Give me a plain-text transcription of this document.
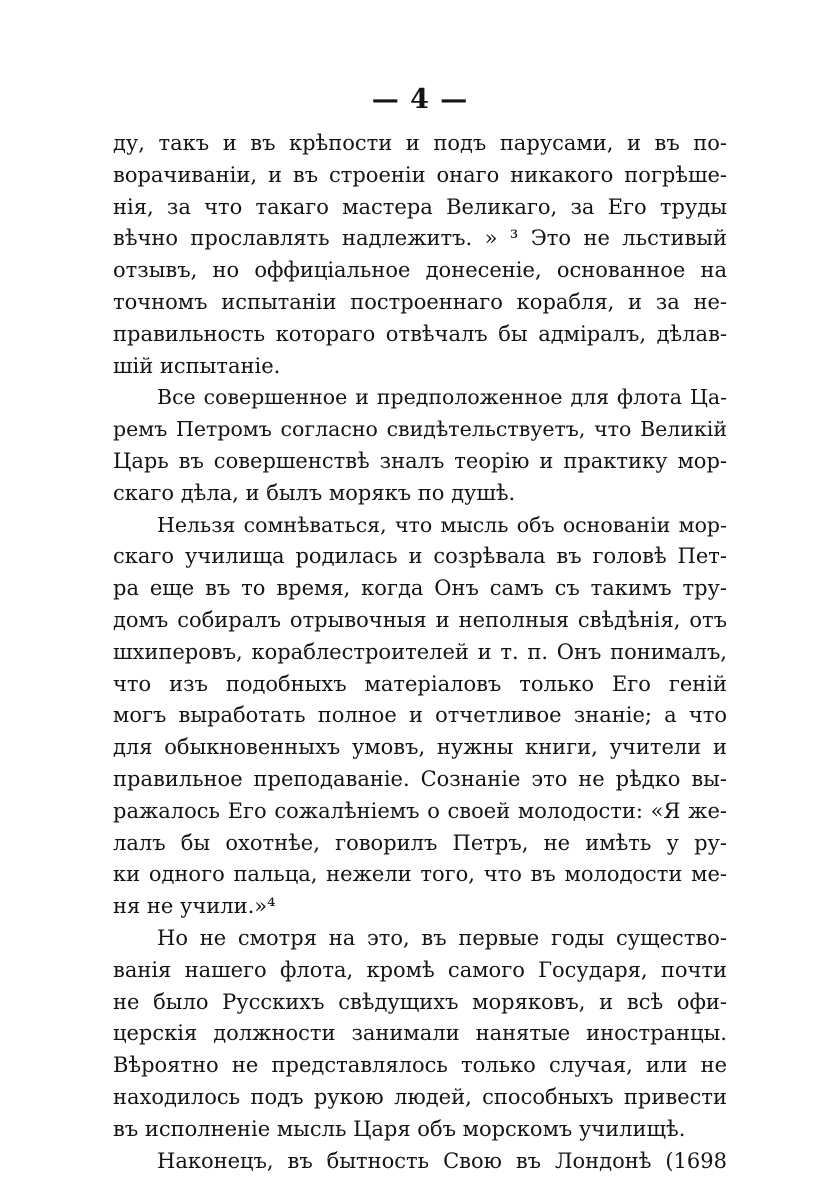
— 4 —
ду, такъ и въ крѣпости и подъ парусами, и въ по-
ворачиваніи, и въ строеніи онаго никакого погрѣше-
нія, за что такаго мастера Великаго, за Его труды
вѣчно прославлять надлежитъ. » ³ Это не льстивый
отзывъ, но оффиціальное донесеніе, основанное на
точномъ испытаніи построеннаго корабля, и за не-
правильность котораго отвѣчалъ бы адміралъ, дѣлав-
шій испытаніе.
Все совершенное и предположенное для флота Ца-
ремъ Петромъ согласно свидѣтельствуетъ, что Великій
Царь въ совершенствѣ зналъ теорію и практику мор-
скаго дѣла, и былъ морякъ по душѣ.
Нельзя сомнѣваться, что мысль объ основаніи мор-
скаго училища родилась и созрѣвала въ головѣ Пет-
ра еще въ то время, когда Онъ самъ съ такимъ тру-
домъ собиралъ отрывочныя и неполныя свѣдѣнія, отъ
шхиперовъ, кораблестроителей и т. п. Онъ понималъ,
что изъ подобныхъ матеріаловъ только Его геній
могъ выработать полное и отчетливое знаніе; а что
для обыкновенныхъ умовъ, нужны книги, учители и
правильное преподаваніе. Сознаніе это не рѣдко вы-
ражалось Его сожалѣніемъ о своей молодости: «Я же-
лалъ бы охотнѣе, говорилъ Петръ, не имѣть у ру-
ки одного пальца, нежели того, что въ молодости ме-
ня не учили.»⁴
Но не смотря на это, въ первые годы существо-
ванія нашего флота, кромѣ самого Государя, почти
не было Русскихъ свѣдущихъ моряковъ, и всѣ офи-
церскія должности занимали нанятые иностранцы.
Вѣроятно не представлялось только случая, или не
находилось подъ рукою людей, способныхъ привести
въ исполненіе мысль Царя объ морскомъ училищѣ.
Наконецъ, въ бытность Свою въ Лондонѣ (1698
